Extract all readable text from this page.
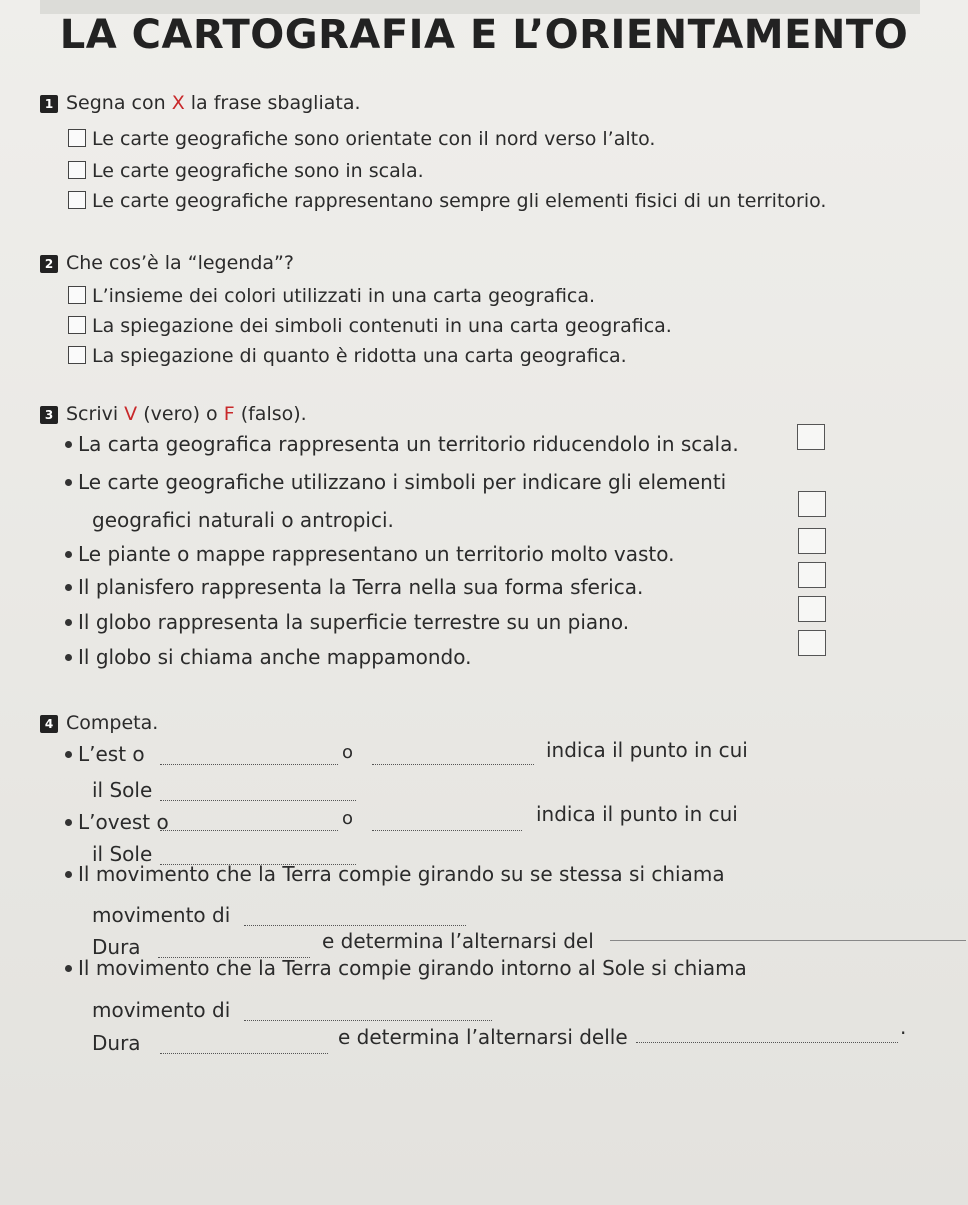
LA CARTOGRAFIA E L’ORIENTAMENTO
1 Segna con X la frase sbagliata.
Le carte geografiche sono orientate con il nord verso l’alto.
Le carte geografiche sono in scala.
Le carte geografiche rappresentano sempre gli elementi fisici di un territorio.
2 Che cos’è la “legenda”?
L’insieme dei colori utilizzati in una carta geografica.
La spiegazione dei simboli contenuti in una carta geografica.
La spiegazione di quanto è ridotta una carta geografica.
3 Scrivi V (vero) o F (falso).
La carta geografica rappresenta un territorio riducendolo in scala.
Le carte geografiche utilizzano i simboli per indicare gli elementi
geografici naturali o antropici.
Le piante o mappe rappresentano un territorio molto vasto.
Il planisfero rappresenta la Terra nella sua forma sferica.
Il globo rappresenta la superficie terrestre su un piano.
Il globo si chiama anche mappamondo.
4 Competa.
L’est o	o	indica il punto in cui
il Sole
L’ovest o	o	indica il punto in cui
il Sole
Il movimento che la Terra compie girando su se stessa si chiama
movimento di
Dura	e determina l’alternarsi del
Il movimento che la Terra compie girando intorno al Sole si chiama
movimento di
Dura	e determina l’alternarsi delle	.
